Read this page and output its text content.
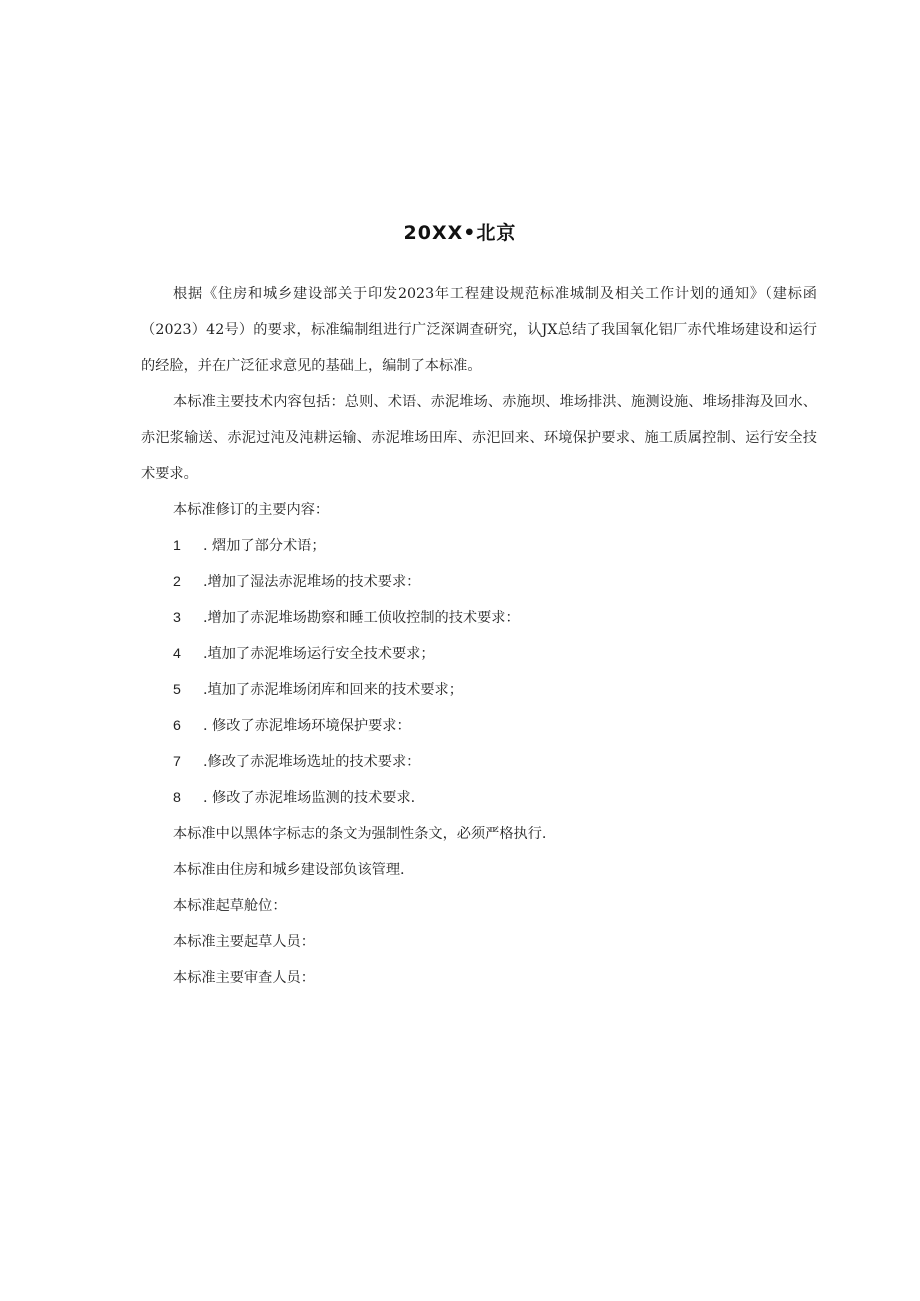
20XX•北京

根据《住房和城乡建设部关于印发2023年工程建设规范标准城制及相关工作计划的通知》（建标函（2023）42号）的要求，标准编制组进行广泛深调查研究，认JX总结了我国氧化铝厂赤代堆场建设和运行的经脸，并在广泛征求意见的基础上，编制了本标准。

本标准主要技术内容包括：总则、术语、赤泥堆场、赤施坝、堆场排洪、施测设施、堆场排海及回水、赤汜浆输送、赤泥过沌及沌耕运输、赤泥堆场田库、赤汜回来、环境保护要求、施工质属控制、运行安全技术要求。

本标准修订的主要内容：

1 . 熠加了部分术语；

2 .增加了湿法赤泥堆场的技术要求：

3 .增加了赤泥堆场勘察和睡工侦收控制的技术要求：

4 .埴加了赤泥堆场运行安全技术要求；

5 .埴加了赤泥堆场闭库和回来的技术要求；

6 . 修改了赤泥堆场环境保护要求：

7 .修改了赤泥堆场选址的技术要求：

8 . 修改了赤泥堆场监测的技术要求.

本标准中以黑体字标志的条文为强制性条文，必须严格执行.

本标准由住房和城乡建设部负该管理.

本标准起草舱位：

本标准主要起草人员：

本标准主要审查人员：
